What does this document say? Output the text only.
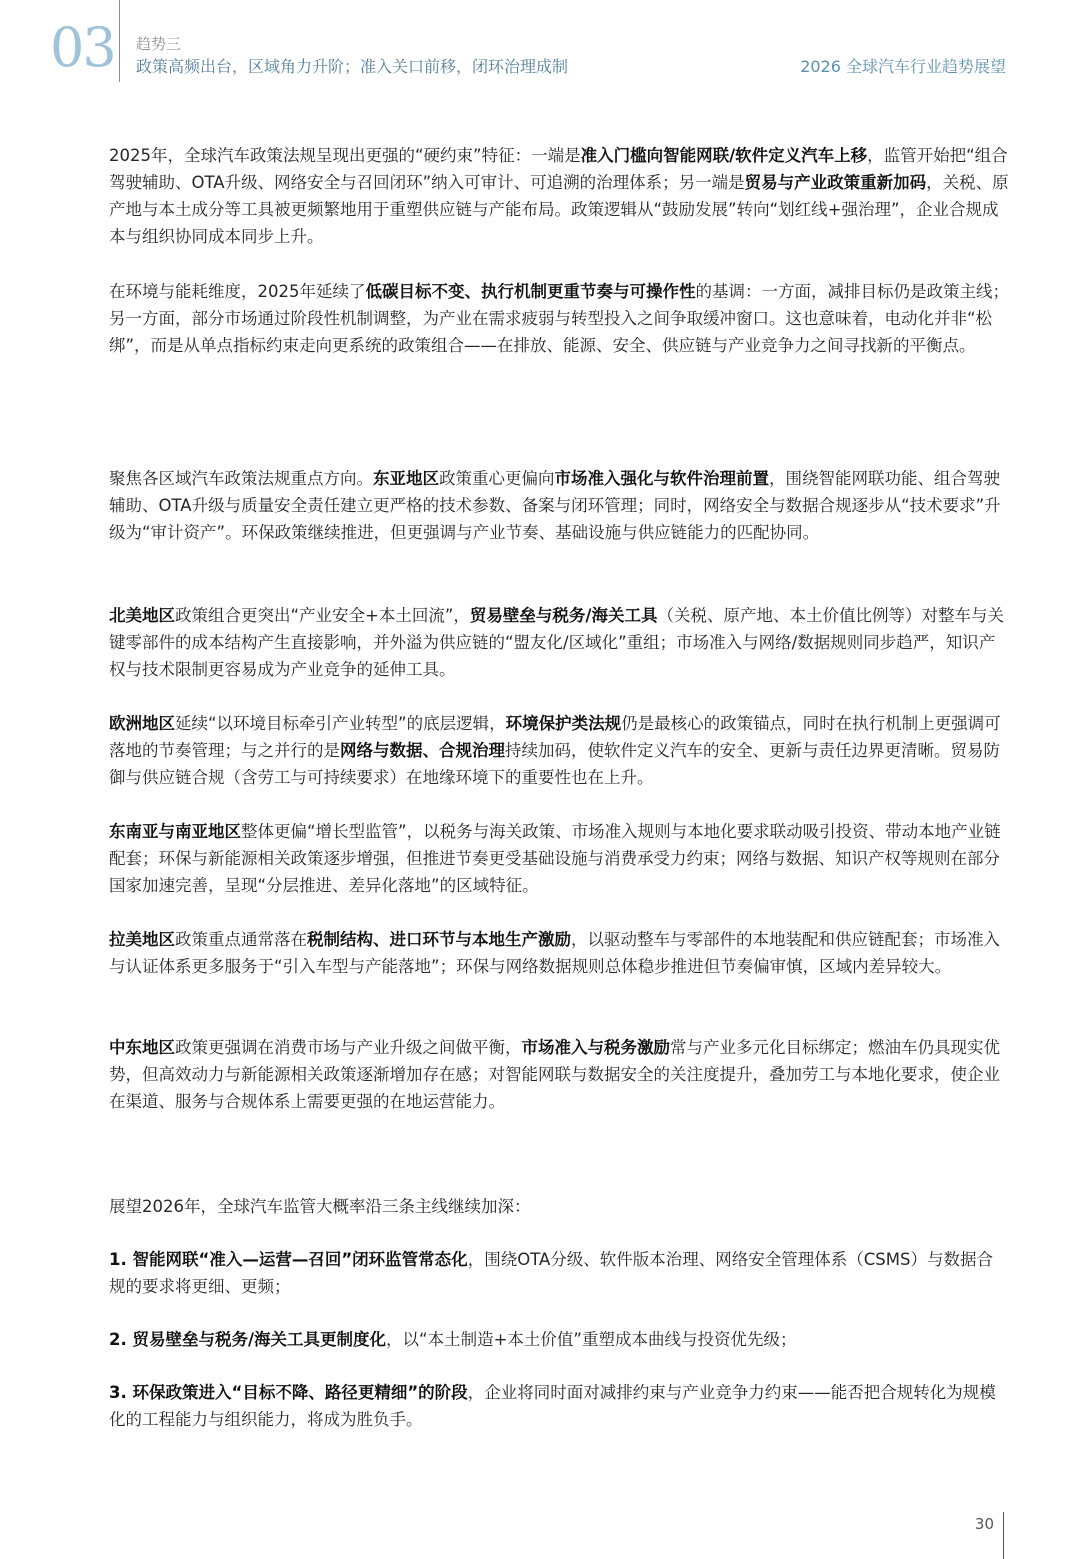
03 趋势三
政策高频出台，区域角力升阶；准入关口前移，闭环治理成制	2026 全球汽车行业趋势展望

2025年，全球汽车政策法规呈现出更强的“硬约束”特征：一端是准入门槛向智能网联/软件定义汽车上移，监管开始把“组合驾驶辅助、OTA升级、网络安全与召回闭环”纳入可审计、可追溯的治理体系；另一端是贸易与产业政策重新加码，关税、原产地与本土成分等工具被更频繁地用于重塑供应链与产能布局。政策逻辑从“鼓励发展”转向“划红线+强治理”，企业合规成本与组织协同成本同步上升。

在环境与能耗维度，2025年延续了低碳目标不变、执行机制更重节奏与可操作性的基调：一方面，减排目标仍是政策主线；另一方面，部分市场通过阶段性机制调整，为产业在需求疲弱与转型投入之间争取缓冲窗口。这也意味着，电动化并非“松绑”，而是从单点指标约束走向更系统的政策组合——在排放、能源、安全、供应链与产业竞争力之间寻找新的平衡点。

聚焦各区域汽车政策法规重点方向。东亚地区政策重心更偏向市场准入强化与软件治理前置，围绕智能网联功能、组合驾驶辅助、OTA升级与质量安全责任建立更严格的技术参数、备案与闭环管理；同时，网络安全与数据合规逐步从“技术要求”升级为“审计资产”。环保政策继续推进，但更强调与产业节奏、基础设施与供应链能力的匹配协同。

北美地区政策组合更突出“产业安全+本土回流”，贸易壁垒与税务/海关工具（关税、原产地、本土价值比例等）对整车与关键零部件的成本结构产生直接影响，并外溢为供应链的“盟友化/区域化”重组；市场准入与网络/数据规则同步趋严，知识产权与技术限制更容易成为产业竞争的延伸工具。

欧洲地区延续“以环境目标牵引产业转型”的底层逻辑，环境保护类法规仍是最核心的政策锚点，同时在执行机制上更强调可落地的节奏管理；与之并行的是网络与数据、合规治理持续加码，使软件定义汽车的安全、更新与责任边界更清晰。贸易防御与供应链合规（含劳工与可持续要求）在地缘环境下的重要性也在上升。

东南亚与南亚地区整体更偏“增长型监管”，以税务与海关政策、市场准入规则与本地化要求联动吸引投资、带动本地产业链配套；环保与新能源相关政策逐步增强，但推进节奏更受基础设施与消费承受力约束；网络与数据、知识产权等规则在部分国家加速完善，呈现“分层推进、差异化落地”的区域特征。

拉美地区政策重点通常落在税制结构、进口环节与本地生产激励，以驱动整车与零部件的本地装配和供应链配套；市场准入与认证体系更多服务于“引入车型与产能落地”；环保与网络数据规则总体稳步推进但节奏偏审慎，区域内差异较大。

中东地区政策更强调在消费市场与产业升级之间做平衡，市场准入与税务激励常与产业多元化目标绑定；燃油车仍具现实优势，但高效动力与新能源相关政策逐渐增加存在感；对智能网联与数据安全的关注度提升，叠加劳工与本地化要求，使企业在渠道、服务与合规体系上需要更强的在地运营能力。

展望2026年，全球汽车监管大概率沿三条主线继续加深：

1. 智能网联“准入—运营—召回”闭环监管常态化，围绕OTA分级、软件版本治理、网络安全管理体系（CSMS）与数据合规的要求将更细、更频；

2. 贸易壁垒与税务/海关工具更制度化，以“本土制造+本土价值”重塑成本曲线与投资优先级；

3. 环保政策进入“目标不降、路径更精细”的阶段，企业将同时面对减排约束与产业竞争力约束——能否把合规转化为规模化的工程能力与组织能力，将成为胜负手。

30
